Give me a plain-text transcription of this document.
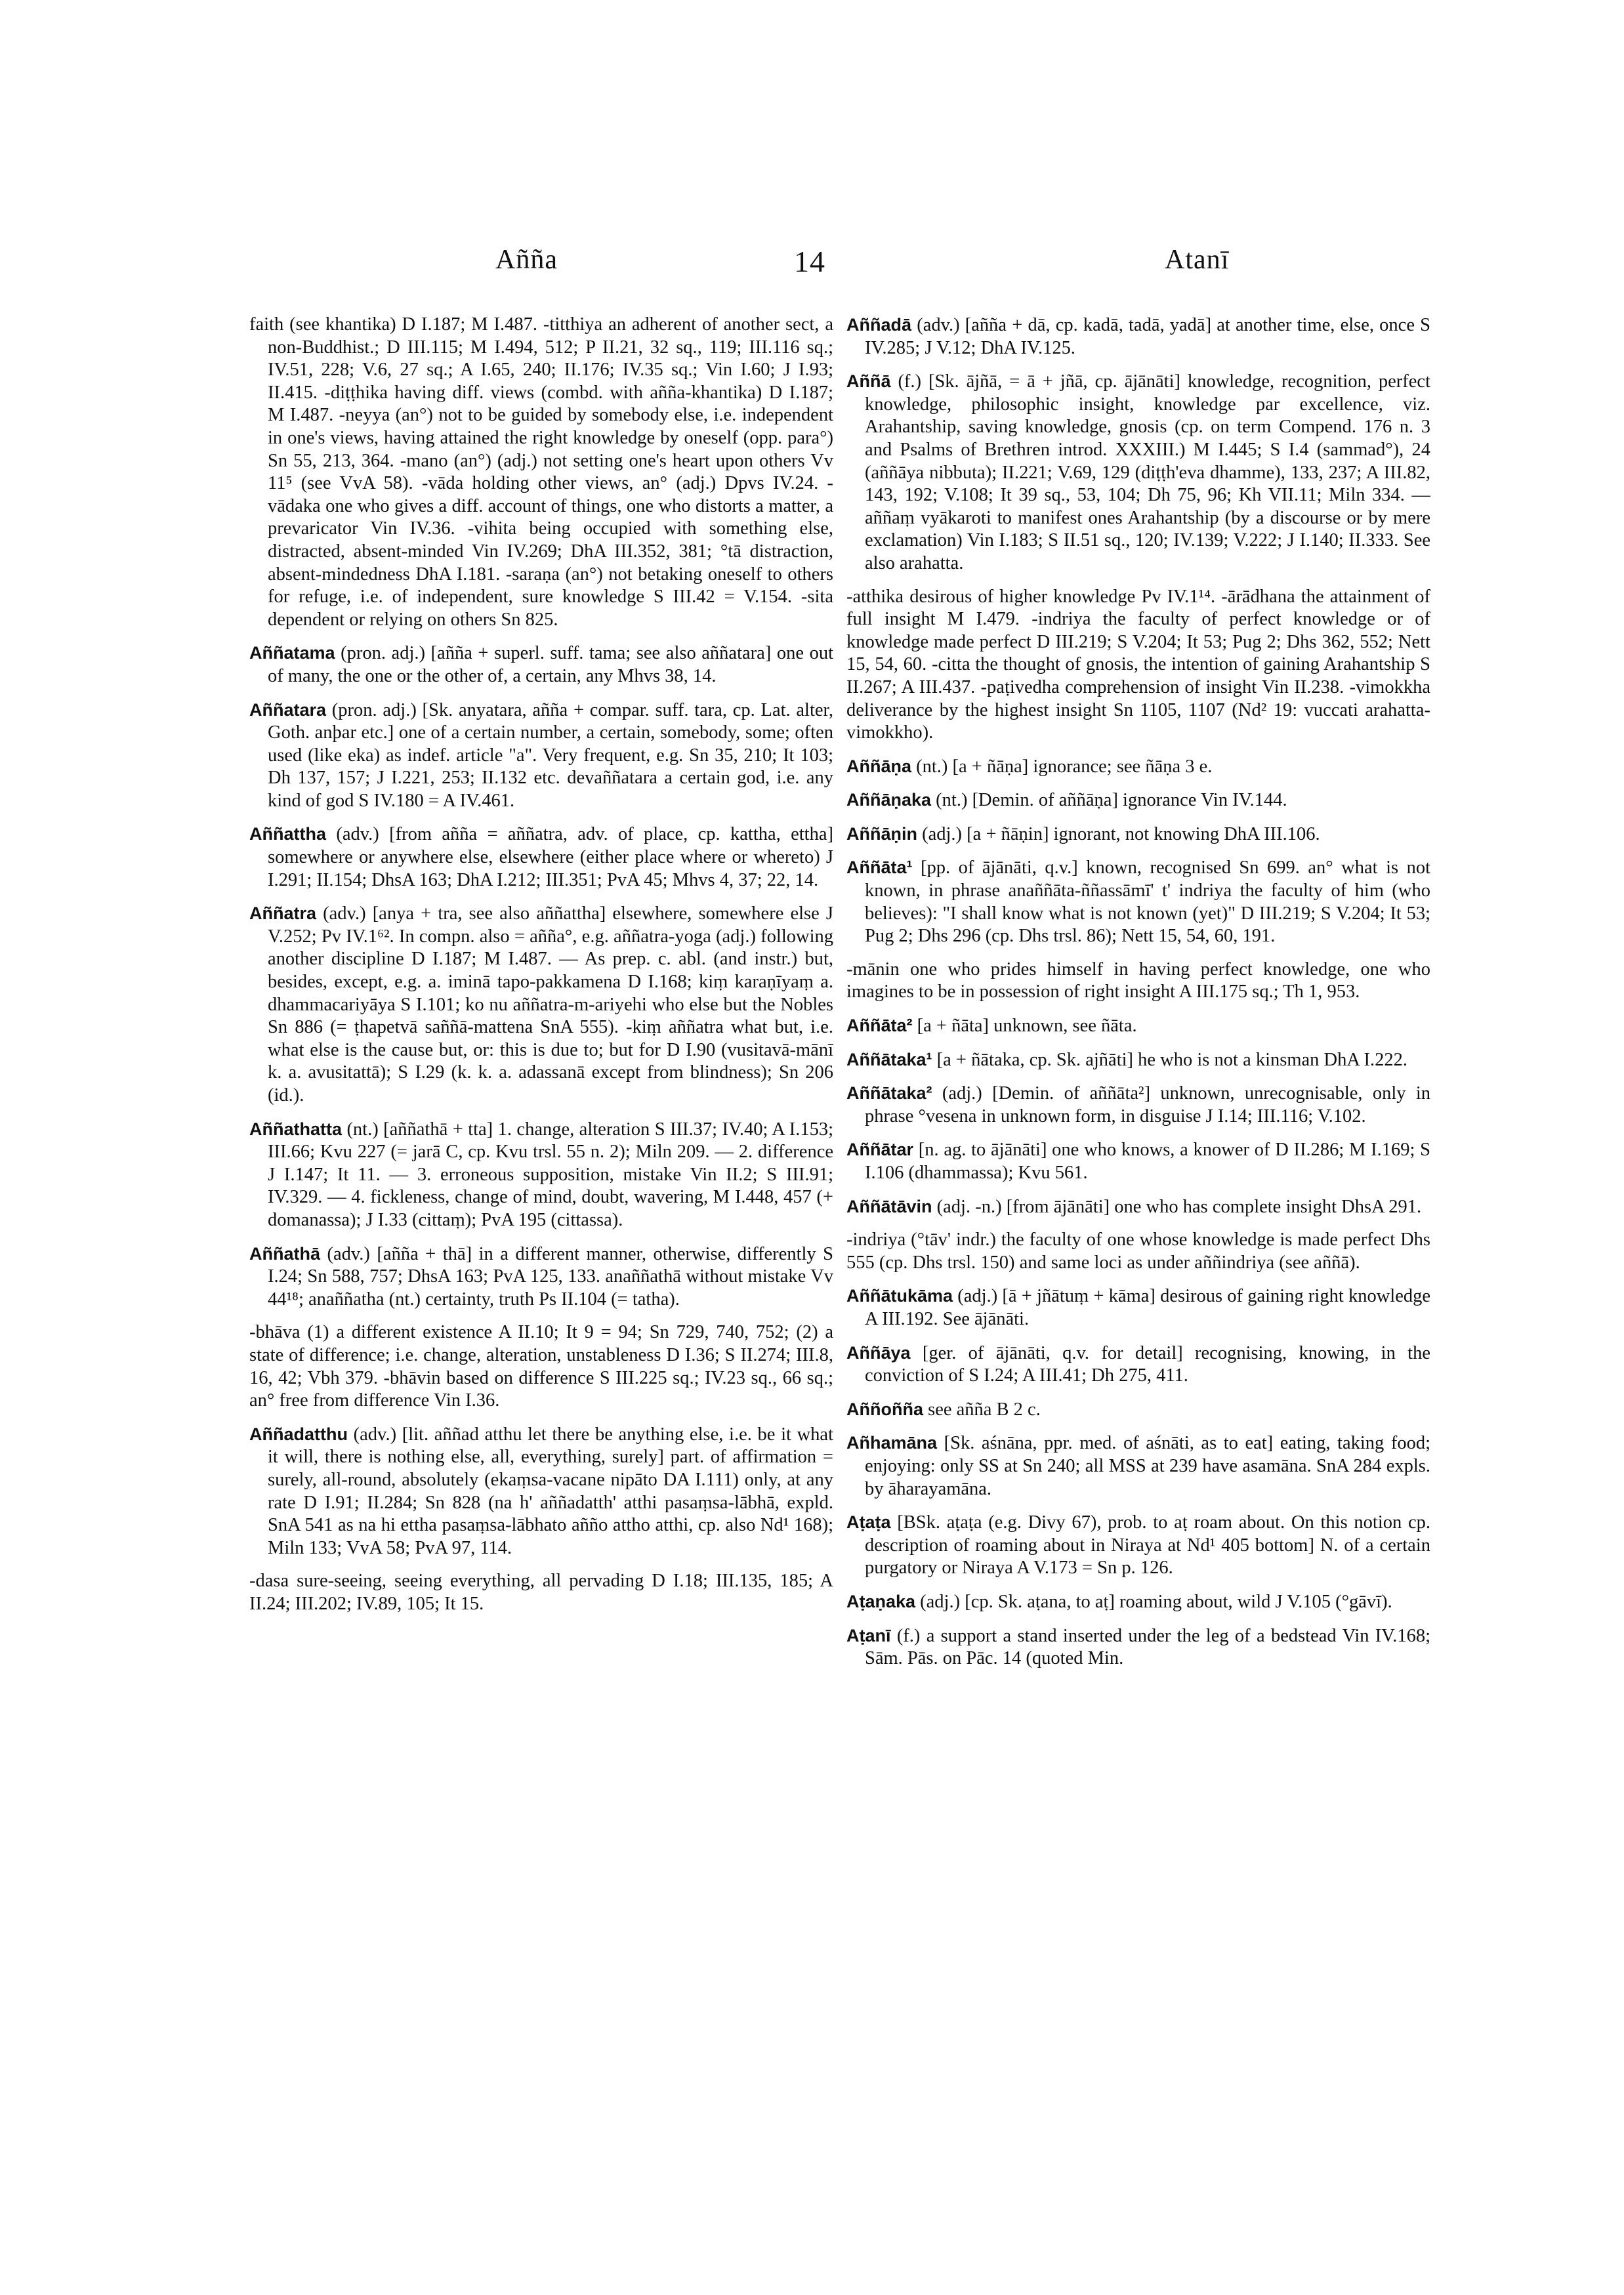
Añña	14	Atanī

faith (see khantika) D I.187; M I.487. -titthiya an adherent of another sect, a non-Buddhist.; D III.115; M I.494, 512; P II.21, 32 sq., 119; III.116 sq.; IV.51, 228; V.6, 27 sq.; A I.65, 240; II.176; IV.35 sq.; Vin I.60; J I.93; II.415. -diṭṭhika having diff. views (combd. with añña-khantika) D I.187; M I.487. -neyya (an°) not to be guided by somebody else, i.e. independent in one's views, having attained the right knowledge by oneself (opp. para°) Sn 55, 213, 364. -mano (an°) (adj.) not setting one's heart upon others Vv 11⁵ (see VvA 58). -vāda holding other views, an° (adj.) Dpvs IV.24. -vādaka one who gives a diff. account of things, one who distorts a matter, a prevaricator Vin IV.36. -vihita being occupied with something else, distracted, absent-minded Vin IV.269; DhA III.352, 381; °tā distraction, absent-mindedness DhA I.181. -saraṇa (an°) not betaking oneself to others for refuge, i.e. of independent, sure knowledge S III.42 = V.154. -sita dependent or relying on others Sn 825.

Aññatama (pron. adj.) [añña + superl. suff. tama; see also aññatara] one out of many, the one or the other of, a certain, any Mhvs 38, 14.

Aññatara (pron. adj.) [Sk. anyatara, añña + compar. suff. tara, cp. Lat. alter, Goth. anþar etc.] one of a certain number, a certain, somebody, some; often used (like eka) as indef. article "a". Very frequent, e.g. Sn 35, 210; It 103; Dh 137, 157; J I.221, 253; II.132 etc. devaññatara a certain god, i.e. any kind of god S IV.180 = A IV.461.

Aññattha (adv.) [from añña = aññatra, adv. of place, cp. kattha, ettha] somewhere or anywhere else, elsewhere (either place where or whereto) J I.291; II.154; DhsA 163; DhA I.212; III.351; PvA 45; Mhvs 4, 37; 22, 14.

Aññatra (adv.) [anya + tra, see also aññattha] elsewhere, somewhere else J V.252; Pv IV.1⁶². In compn. also = añña°, e.g. aññatra-yoga (adj.) following another discipline D I.187; M I.487. — As prep. c. abl. (and instr.) but, besides, except, e.g. a. iminā tapo-pakkamena D I.168; kiṃ karaṇīyaṃ a. dhammacariyāya S I.101; ko nu aññatra-m-ariyehi who else but the Nobles Sn 886 (= ṭhapetvā saññā-mattena SnA 555). -kiṃ aññatra what but, i.e. what else is the cause but, or: this is due to; but for D I.90 (vusitavā-mānī k. a. avusitattā); S I.29 (k. k. a. adassanā except from blindness); Sn 206 (id.).

Aññathatta (nt.) [aññathā + tta] 1. change, alteration S III.37; IV.40; A I.153; III.66; Kvu 227 (= jarā C, cp. Kvu trsl. 55 n. 2); Miln 209. — 2. difference J I.147; It 11. — 3. erroneous supposition, mistake Vin II.2; S III.91; IV.329. — 4. fickleness, change of mind, doubt, wavering, M I.448, 457 (+ domanassa); J I.33 (cittaṃ); PvA 195 (cittassa).

Aññathā (adv.) [añña + thā] in a different manner, otherwise, differently S I.24; Sn 588, 757; DhsA 163; PvA 125, 133. anaññathā without mistake Vv 44¹⁸; anaññatha (nt.) certainty, truth Ps II.104 (= tatha).

-bhāva (1) a different existence A II.10; It 9 = 94; Sn 729, 740, 752; (2) a state of difference; i.e. change, alteration, unstableness D I.36; S II.274; III.8, 16, 42; Vbh 379. -bhāvin based on difference S III.225 sq.; IV.23 sq., 66 sq.; an° free from difference Vin I.36.

Aññadatthu (adv.) [lit. aññad atthu let there be anything else, i.e. be it what it will, there is nothing else, all, everything, surely] part. of affirmation = surely, all-round, absolutely (ekaṃsa-vacane nipāto DA I.111) only, at any rate D I.91; II.284; Sn 828 (na h' aññadatth' atthi pasaṃsa-lābhā, expld. SnA 541 as na hi ettha pasaṃsa-lābhato añño attho atthi, cp. also Nd¹ 168); Miln 133; VvA 58; PvA 97, 114.

-dasa sure-seeing, seeing everything, all pervading D I.18; III.135, 185; A II.24; III.202; IV.89, 105; It 15.

Aññadā (adv.) [añña + dā, cp. kadā, tadā, yadā] at another time, else, once S IV.285; J V.12; DhA IV.125.

Aññā (f.) [Sk. ājñā, = ā + jñā, cp. ājānāti] knowledge, recognition, perfect knowledge, philosophic insight, knowledge par excellence, viz. Arahantship, saving knowledge, gnosis (cp. on term Compend. 176 n. 3 and Psalms of Brethren introd. XXXIII.) M I.445; S I.4 (sammad°), 24 (aññāya nibbuta); II.221; V.69, 129 (diṭṭh'eva dhamme), 133, 237; A III.82, 143, 192; V.108; It 39 sq., 53, 104; Dh 75, 96; Kh VII.11; Miln 334. — aññaṃ vyākaroti to manifest ones Arahantship (by a discourse or by mere exclamation) Vin I.183; S II.51 sq., 120; IV.139; V.222; J I.140; II.333. See also arahatta.

-atthika desirous of higher knowledge Pv IV.1¹⁴. -ārādhana the attainment of full insight M I.479. -indriya the faculty of perfect knowledge or of knowledge made perfect D III.219; S V.204; It 53; Pug 2; Dhs 362, 552; Nett 15, 54, 60. -citta the thought of gnosis, the intention of gaining Arahantship S II.267; A III.437. -paṭivedha comprehension of insight Vin II.238. -vimokkha deliverance by the highest insight Sn 1105, 1107 (Nd² 19: vuccati arahatta-vimokkho).

Aññāṇa (nt.) [a + ñāṇa] ignorance; see ñāṇa 3 e.

Aññāṇaka (nt.) [Demin. of aññāṇa] ignorance Vin IV.144.

Aññāṇin (adj.) [a + ñāṇin] ignorant, not knowing DhA III.106.

Aññāta¹ [pp. of ājānāti, q.v.] known, recognised Sn 699. an° what is not known, in phrase anaññāta-ññassāmī' t' indriya the faculty of him (who believes): "I shall know what is not known (yet)" D III.219; S V.204; It 53; Pug 2; Dhs 296 (cp. Dhs trsl. 86); Nett 15, 54, 60, 191.

-mānin one who prides himself in having perfect knowledge, one who imagines to be in possession of right insight A III.175 sq.; Th 1, 953.

Aññāta² [a + ñāta] unknown, see ñāta.

Aññātaka¹ [a + ñātaka, cp. Sk. ajñāti] he who is not a kinsman DhA I.222.

Aññātaka² (adj.) [Demin. of aññāta²] unknown, unrecognisable, only in phrase °vesena in unknown form, in disguise J I.14; III.116; V.102.

Aññātar [n. ag. to ājānāti] one who knows, a knower of D II.286; M I.169; S I.106 (dhammassa); Kvu 561.

Aññātāvin (adj. -n.) [from ājānāti] one who has complete insight DhsA 291.

-indriya (°tāv' indr.) the faculty of one whose knowledge is made perfect Dhs 555 (cp. Dhs trsl. 150) and same loci as under aññindriya (see aññā).

Aññātukāma (adj.) [ā + jñātuṃ + kāma] desirous of gaining right knowledge A III.192. See ājānāti.

Aññāya [ger. of ājānāti, q.v. for detail] recognising, knowing, in the conviction of S I.24; A III.41; Dh 275, 411.

Aññoñña see añña B 2 c.

Añhamāna [Sk. aśnāna, ppr. med. of aśnāti, as to eat] eating, taking food; enjoying: only SS at Sn 240; all MSS at 239 have asamāna. SnA 284 expls. by āharayamāna.

Aṭaṭa [BSk. aṭaṭa (e.g. Divy 67), prob. to aṭ roam about. On this notion cp. description of roaming about in Niraya at Nd¹ 405 bottom] N. of a certain purgatory or Niraya A V.173 = Sn p. 126.

Aṭaṇaka (adj.) [cp. Sk. aṭana, to aṭ] roaming about, wild J V.105 (°gāvī).

Aṭanī (f.) a support a stand inserted under the leg of a bedstead Vin IV.168; Sām. Pās. on Pāc. 14 (quoted Min.
